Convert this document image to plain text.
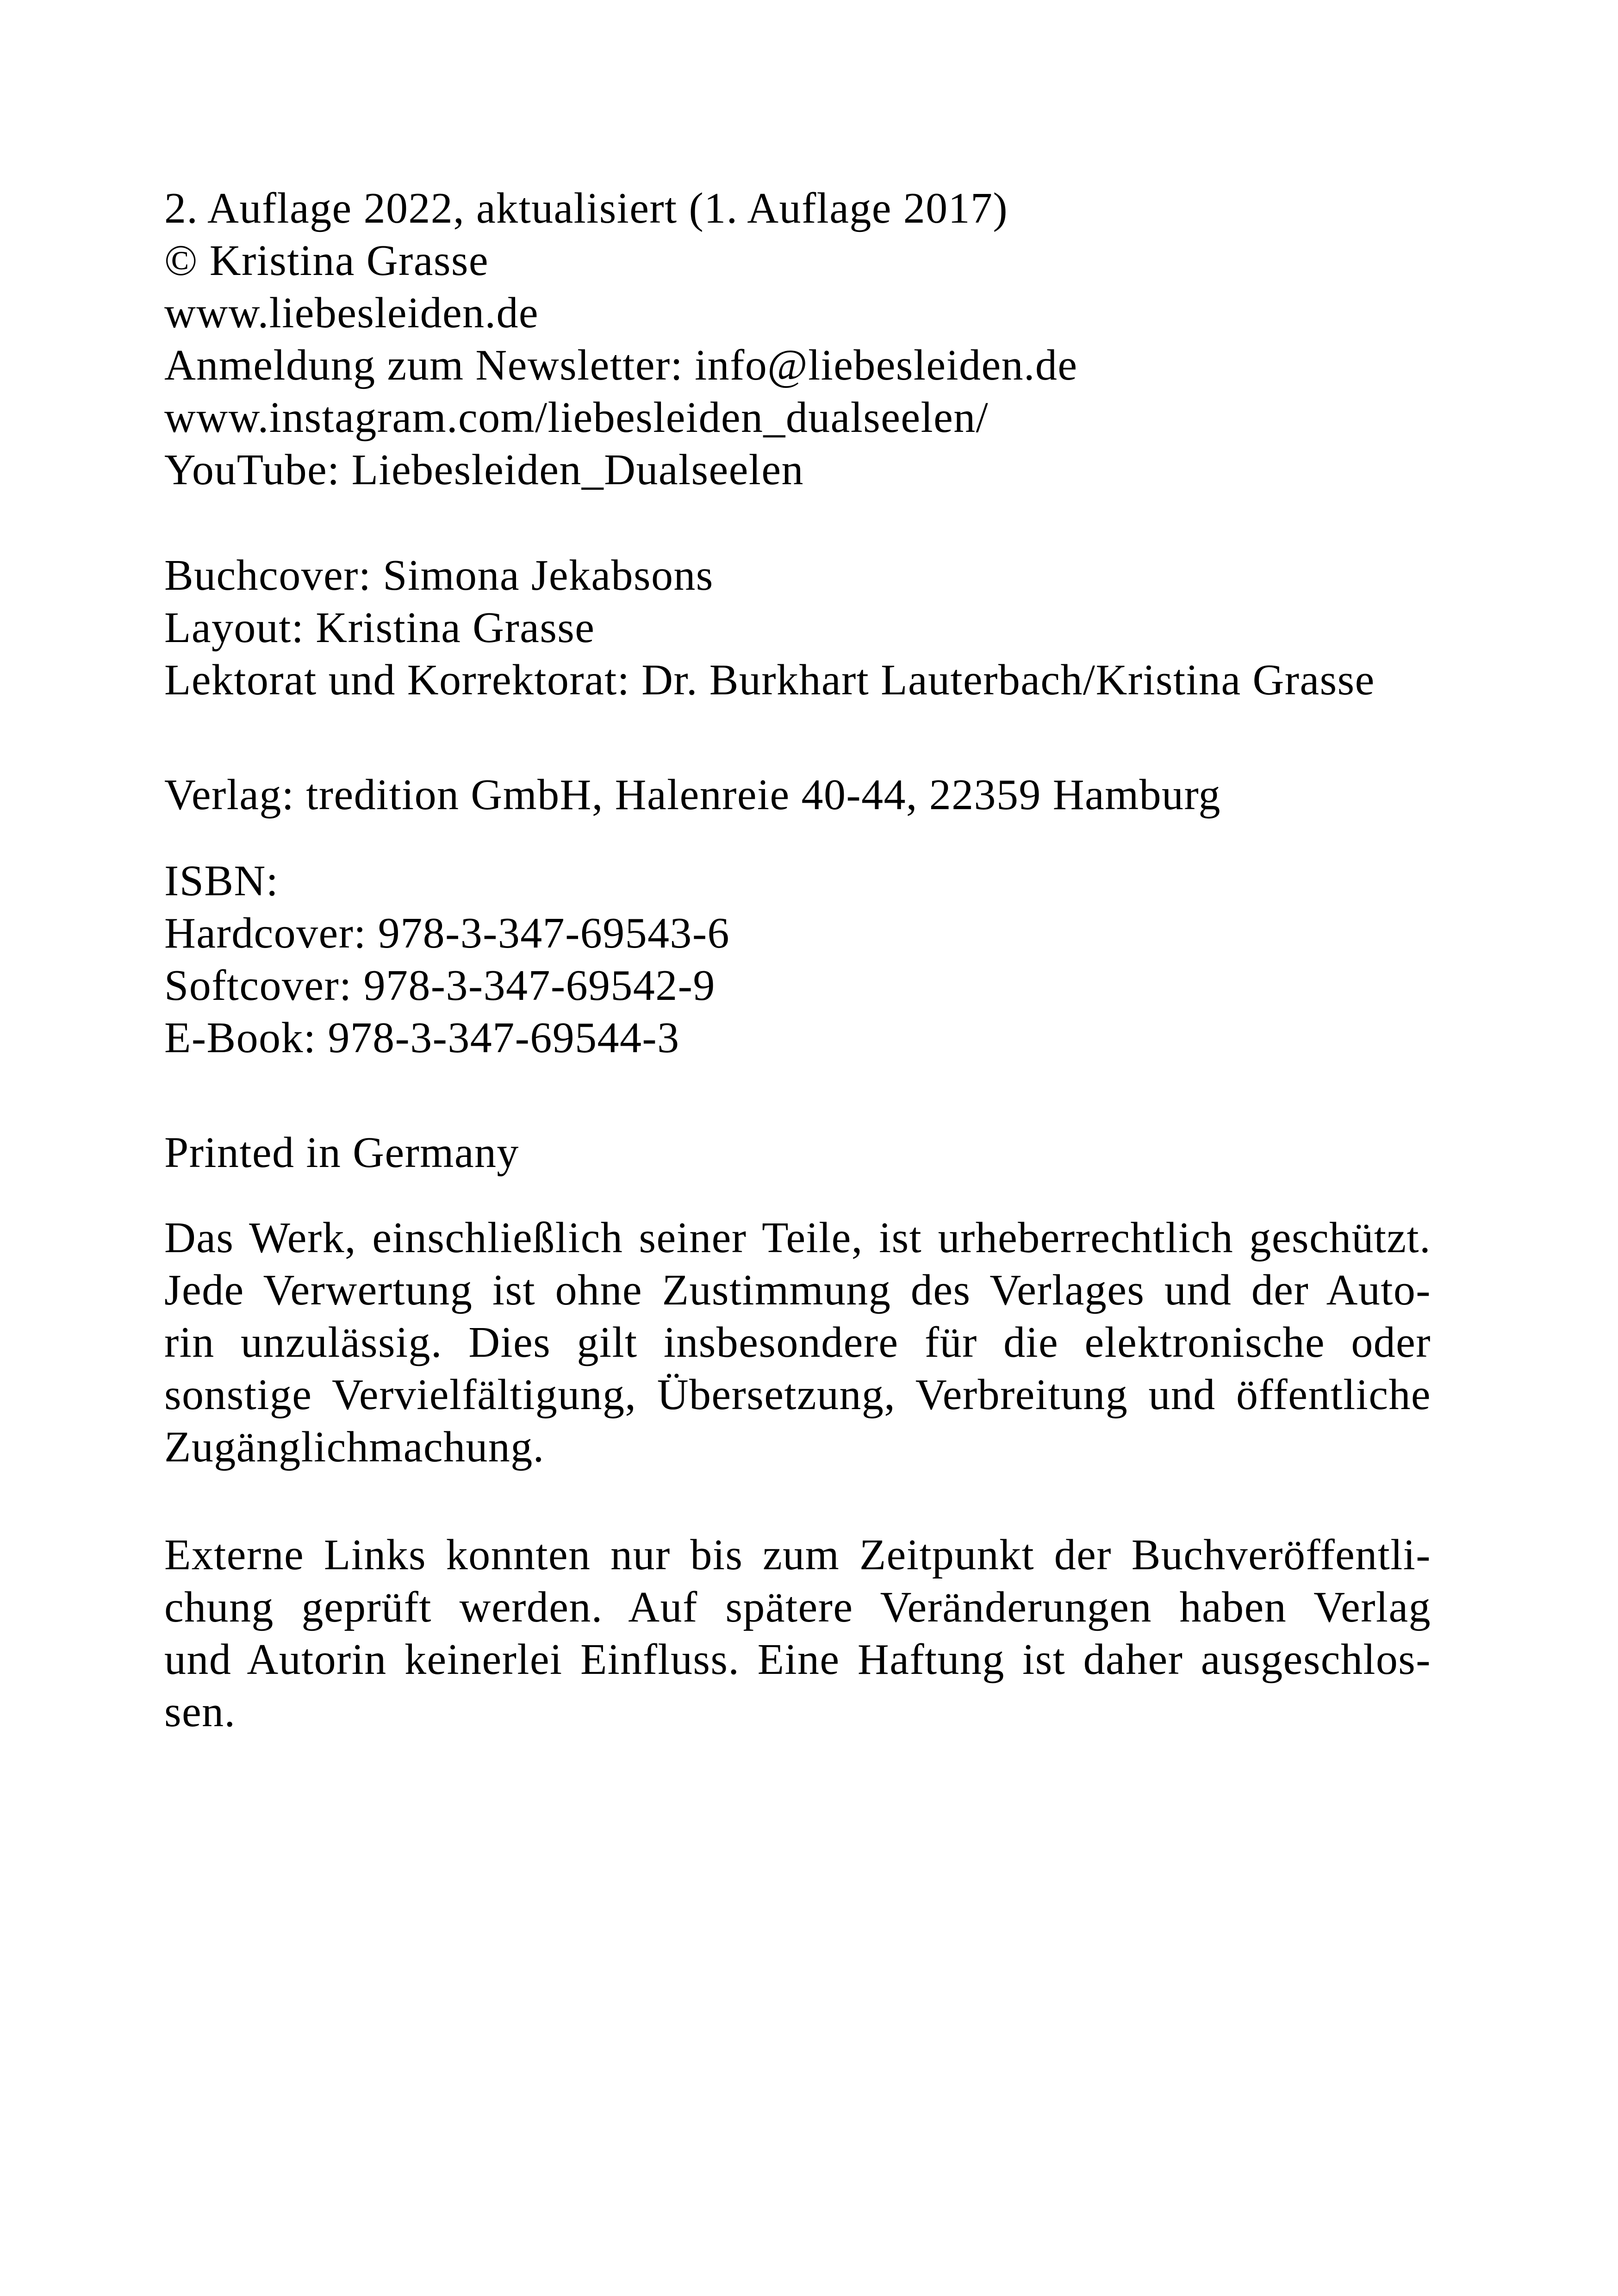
2. Auflage 2022, aktualisiert (1. Auflage 2017)
© Kristina Grasse
www.liebesleiden.de
Anmeldung zum Newsletter: info@liebesleiden.de
www.instagram.com/liebesleiden_dualseelen/
YouTube: Liebesleiden_Dualseelen
Buchcover: Simona Jekabsons
Layout: Kristina Grasse
Lektorat und Korrektorat: Dr. Burkhart Lauterbach/Kristina Grasse
Verlag: tredition GmbH, Halenreie 40-44, 22359 Hamburg
ISBN:
Hardcover: 978-3-347-69543-6
Softcover: 978-3-347-69542-9
E-Book: 978-3-347-69544-3
Printed in Germany
Das Werk, einschließlich seiner Teile, ist urheberrechtlich geschützt.
Jede Verwertung ist ohne Zustimmung des Verlages und der Auto-
rin unzulässig. Dies gilt insbesondere für die elektronische oder
sonstige Vervielfältigung, Übersetzung, Verbreitung und öffentliche
Zugänglichmachung.
Externe Links konnten nur bis zum Zeitpunkt der Buchveröffentli-
chung geprüft werden. Auf spätere Veränderungen haben Verlag
und Autorin keinerlei Einfluss. Eine Haftung ist daher ausgeschlos-
sen.
